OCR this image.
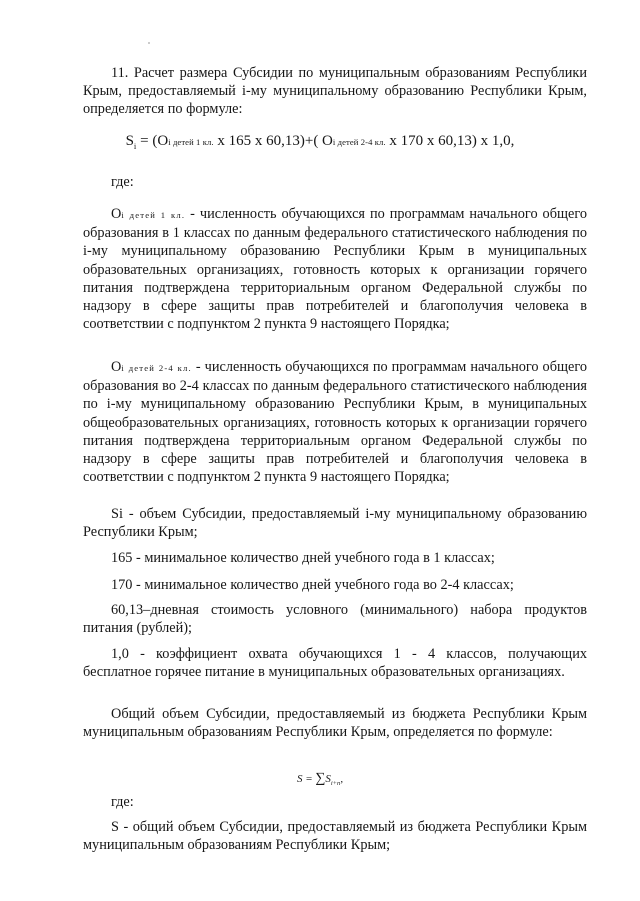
11. Расчет размера Субсидии по муниципальным образованиям Республики Крым, предоставляемый i-му муниципальному образованию Республики Крым, определяется по формуле:

$S_i = (Oi$ детей 1 кл. х 165 х 60,13)+( Oi детей 2-4 кл. х 170 х 60,13) х 1,0,

где:

Oi детей 1 кл. - численность обучающихся по программам начального общего образования в 1 классах по данным федерального статистического наблюдения по i-му муниципальному образованию Республики Крым в муниципальных образовательных организациях, готовность которых к организации горячего питания подтверждена территориальным органом Федеральной службы по надзору в сфере защиты прав потребителей и благополучия человека в соответствии с подпунктом 2 пункта 9 настоящего Порядка;

Oi детей 2-4 кл. - численность обучающихся по программам начального общего образования во 2-4 классах по данным федерального статистического наблюдения по i-му муниципальному образованию Республики Крым, в муниципальных общеобразовательных организациях, готовность которых к организации горячего питания подтверждена территориальным органом Федеральной службы по надзору в сфере защиты прав потребителей и благополучия человека в соответствии с подпунктом 2 пункта 9 настоящего Порядка;

Si - объем Субсидии, предоставляемый i-му муниципальному образованию Республики Крым;

165 - минимальное количество дней учебного года в 1 классах;

170 - минимальное количество дней учебного года во 2-4 классах;

60,13–дневная стоимость условного (минимального) набора продуктов питания (рублей);

1,0 - коэффициент охвата обучающихся 1 - 4 классов, получающих бесплатное горячее питание в муниципальных образовательных организациях.

Общий объем Субсидии, предоставляемый из бюджета Республики Крым муниципальным образованиям Республики Крым, определяется по формуле:

$S = \sum S_{i+n}$,

где:

S - общий объем Субсидии, предоставляемый из бюджета Республики Крым муниципальным образованиям Республики Крым;
